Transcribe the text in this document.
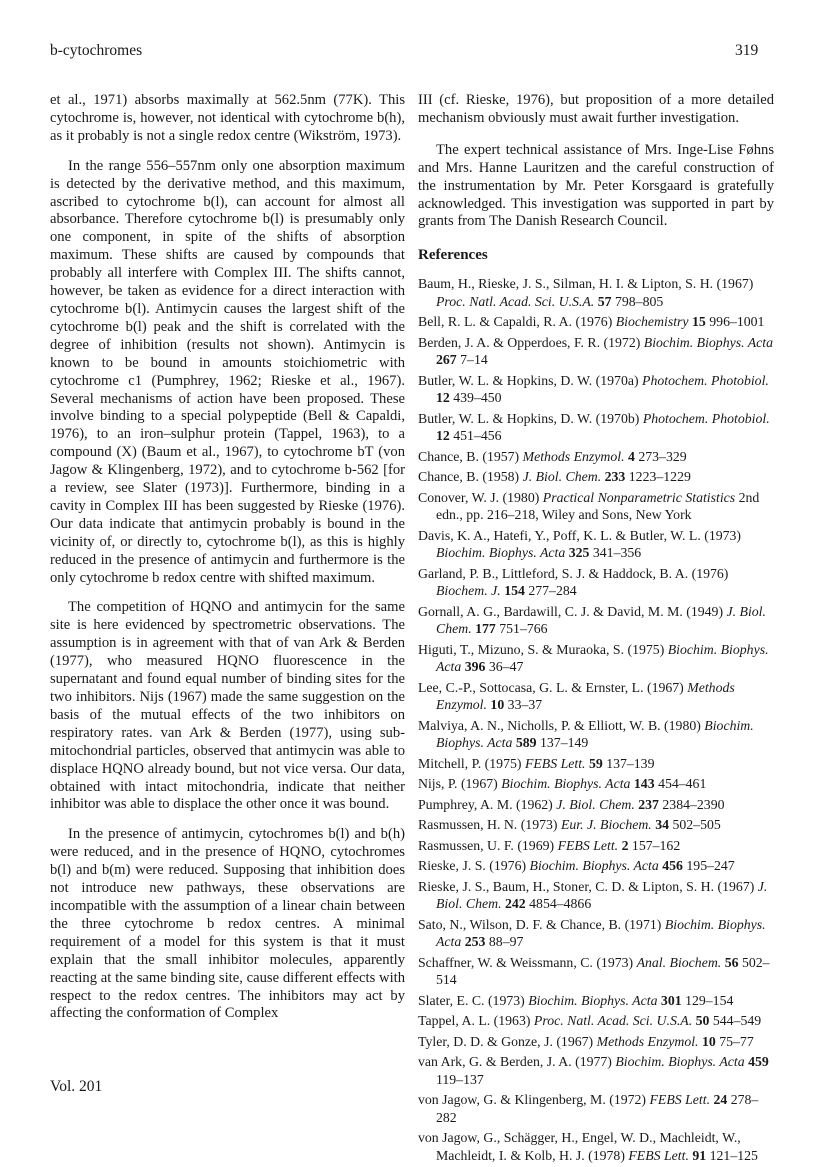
b-cytochromes	319

et al., 1971) absorbs maximally at 562.5nm (77K). This cytochrome is, however, not identical with cytochrome b(h), as it probably is not a single redox centre (Wikström, 1973).

In the range 556–557nm only one absorption maximum is detected by the derivative method, and this maximum, ascribed to cytochrome b(l), can account for almost all absorbance. Therefore cytochrome b(l) is presumably only one component, in spite of the shifts of absorption maximum. These shifts are caused by compounds that probably all interfere with Complex III. The shifts cannot, however, be taken as evidence for a direct interaction with cytochrome b(l). Antimycin causes the largest shift of the cytochrome b(l) peak and the shift is correlated with the degree of inhibition (results not shown). Antimycin is known to be bound in amounts stoichiometric with cytochrome c1 (Pumphrey, 1962; Rieske et al., 1967). Several mechanisms of action have been proposed. These involve binding to a special polypeptide (Bell & Capaldi, 1976), to an iron–sulphur protein (Tappel, 1963), to a compound (X) (Baum et al., 1967), to cytochrome bT (von Jagow & Klingenberg, 1972), and to cytochrome b-562 [for a review, see Slater (1973)]. Furthermore, binding in a cavity in Complex III has been suggested by Rieske (1976). Our data indicate that antimycin probably is bound in the vicinity of, or directly to, cytochrome b(l), as this is highly reduced in the presence of antimycin and furthermore is the only cytochrome b redox centre with shifted maximum.

The competition of HQNO and antimycin for the same site is here evidenced by spectrometric observations. The assumption is in agreement with that of van Ark & Berden (1977), who measured HQNO fluorescence in the supernatant and found equal number of binding sites for the two inhibitors. Nijs (1967) made the same suggestion on the basis of the mutual effects of the two inhibitors on respiratory rates. van Ark & Berden (1977), using sub-mitochondrial particles, observed that antimycin was able to displace HQNO already bound, but not vice versa. Our data, obtained with intact mitochondria, indicate that neither inhibitor was able to displace the other once it was bound.

In the presence of antimycin, cytochromes b(l) and b(h) were reduced, and in the presence of HQNO, cytochromes b(l) and b(m) were reduced. Supposing that inhibition does not introduce new pathways, these observations are incompatible with the assumption of a linear chain between the three cytochrome b redox centres. A minimal requirement of a model for this system is that it must explain that the small inhibitor molecules, apparently reacting at the same binding site, cause different effects with respect to the redox centres. The inhibitors may act by affecting the conformation of Complex

III (cf. Rieske, 1976), but proposition of a more detailed mechanism obviously must await further investigation.

The expert technical assistance of Mrs. Inge-Lise Føhns and Mrs. Hanne Lauritzen and the careful construction of the instrumentation by Mr. Peter Korsgaard is gratefully acknowledged. This investigation was supported in part by grants from The Danish Research Council.

References
Baum, H., Rieske, J. S., Silman, H. I. & Lipton, S. H. (1967) Proc. Natl. Acad. Sci. U.S.A. 57 798–805
Bell, R. L. & Capaldi, R. A. (1976) Biochemistry 15 996–1001
Berden, J. A. & Opperdoes, F. R. (1972) Biochim. Biophys. Acta 267 7–14
Butler, W. L. & Hopkins, D. W. (1970a) Photochem. Photobiol. 12 439–450
Butler, W. L. & Hopkins, D. W. (1970b) Photochem. Photobiol. 12 451–456
Chance, B. (1957) Methods Enzymol. 4 273–329
Chance, B. (1958) J. Biol. Chem. 233 1223–1229
Conover, W. J. (1980) Practical Nonparametric Statistics 2nd edn., pp. 216–218, Wiley and Sons, New York
Davis, K. A., Hatefi, Y., Poff, K. L. & Butler, W. L. (1973) Biochim. Biophys. Acta 325 341–356
Garland, P. B., Littleford, S. J. & Haddock, B. A. (1976) Biochem. J. 154 277–284
Gornall, A. G., Bardawill, C. J. & David, M. M. (1949) J. Biol. Chem. 177 751–766
Higuti, T., Mizuno, S. & Muraoka, S. (1975) Biochim. Biophys. Acta 396 36–47
Lee, C.-P., Sottocasa, G. L. & Ernster, L. (1967) Methods Enzymol. 10 33–37
Malviya, A. N., Nicholls, P. & Elliott, W. B. (1980) Biochim. Biophys. Acta 589 137–149
Mitchell, P. (1975) FEBS Lett. 59 137–139
Nijs, P. (1967) Biochim. Biophys. Acta 143 454–461
Pumphrey, A. M. (1962) J. Biol. Chem. 237 2384–2390
Rasmussen, H. N. (1973) Eur. J. Biochem. 34 502–505
Rasmussen, U. F. (1969) FEBS Lett. 2 157–162
Rieske, J. S. (1976) Biochim. Biophys. Acta 456 195–247
Rieske, J. S., Baum, H., Stoner, C. D. & Lipton, S. H. (1967) J. Biol. Chem. 242 4854–4866
Sato, N., Wilson, D. F. & Chance, B. (1971) Biochim. Biophys. Acta 253 88–97
Schaffner, W. & Weissmann, C. (1973) Anal. Biochem. 56 502–514
Slater, E. C. (1973) Biochim. Biophys. Acta 301 129–154
Tappel, A. L. (1963) Proc. Natl. Acad. Sci. U.S.A. 50 544–549
Tyler, D. D. & Gonze, J. (1967) Methods Enzymol. 10 75–77
van Ark, G. & Berden, J. A. (1977) Biochim. Biophys. Acta 459 119–137
von Jagow, G. & Klingenberg, M. (1972) FEBS Lett. 24 278–282
von Jagow, G., Schägger, H., Engel, W. D., Machleidt, W., Machleidt, I. & Kolb, H. J. (1978) FEBS Lett. 91 121–125
Vol. 201
